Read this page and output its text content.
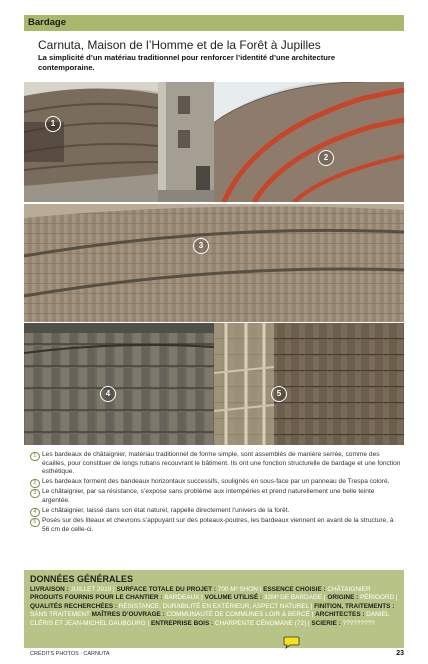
Bardage
Carnuta, Maison de l’Homme et de la Forêt à Jupilles
La simplicité d’un matériau traditionnel pour renforcer l’identité d’une architecture contemporaine.
1
2
3
4	5
1 Les bardeaux de châtaignier, matériau traditionnel de forme simple, sont assemblés de manière serrée, comme des écailles, pour constituer de longs rubans recouvrant le bâtiment. Ils ont une fonction structurelle de bardage et une fonction esthétique.
2 Les bardeaux forment des bandeaux horizontaux successifs, soulignés en sous-face par un panneau de Trespa coloré.
3 Le châtaignier, par sa résistance, s’expose sans problème aux intempéries et prend naturellement une belle teinte argentée.
4 Le châtaignier, laissé dans son état naturel, rappelle directement l’univers de la forêt.
5 Posés sur des liteaux et chevrons s’appuyant sur des poteaux-poutres, les bardeaux viennent en avant de la structure, à 56 cm de celle-ci.
DONNÉES GÉNÉRALES
LIVRAISON : JUILLET 2010 | SURFACE TOTALE DU PROJET : 700 M² SHON | ESSENCE CHOISIE : CHÂTAIGNIER PRODUITS FOURNIS POUR LE CHANTIER : BARDEAUX | VOLUME UTILISÉ : 32M³ DE BARDAGE | ORIGINE : PÉRIGORD | QUALITÉS RECHERCHÉES : RÉSISTANCE, DURABILITÉ EN EXTÉRIEUR, ASPECT NATUREL | FINITION, TRAITEMENTS : SANS TRAITEMENT MAÎTRES D’OUVRAGE : COMMUNAUTÉ DE COMMUNES LOIR & BERCÉ | ARCHITECTES : DANIEL CLÉRIS ET JEAN-MICHEL DAUBOURG | ENTREPRISE BOIS : CHARPENTE CÉNOMANE (72) | SCIERIE : ?????????
CRÉDITS PHOTOS : CARNUTA	23
